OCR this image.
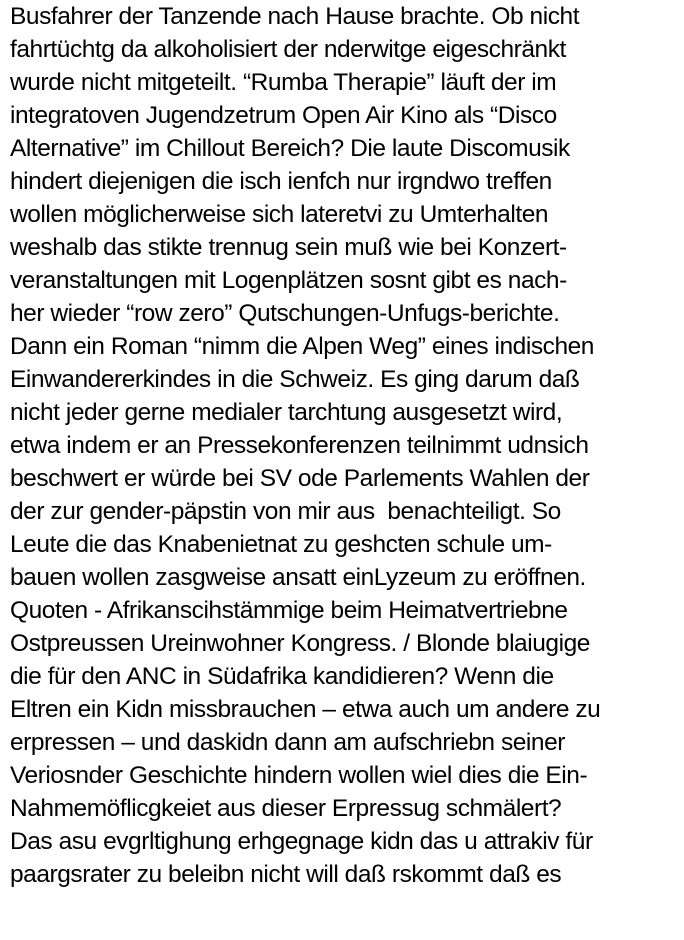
Busfahrer der Tanzende nach Hause brachte. Ob nicht
fahrtüchtg da alkoholisiert der nderwitge eigeschränkt
wurde nicht mitgeteilt. “Rumba Therapie” läuft der im
integratoven Jugendzetrum Open Air Kino als “Disco
Alternative” im Chillout Bereich? Die laute Discomusik
hindert diejenigen die isch ienfch nur irgndwo treffen
wollen möglicherweise sich lateretvi zu Umterhalten
weshalb das stikte trennug sein muß wie bei Konzert-
veranstaltungen mit Logenplätzen sosnt gibt es nach-
her wieder “row zero” Qutschungen-Unfugs-berichte.
Dann ein Roman “nimm die Alpen Weg” eines indischen
Einwandererkindes in die Schweiz. Es ging darum daß
nicht jeder gerne medialer tarchtung ausgesetzt wird,
etwa indem er an Pressekonferenzen teilnimmt udnsich
beschwert er würde bei SV ode Parlements Wahlen der
der zur gender-päpstin von mir aus  benachteiligt. So
Leute die das Knabenietnat zu geshcten schule um-
bauen wollen zasgweise ansatt einLyzeum zu eröffnen.
Quoten - Afrikanscihstämmige beim Heimatvertriebne
Ostpreussen Ureinwohner Kongress. / Blonde blaiugige
die für den ANC in Südafrika kandidieren? Wenn die
Eltren ein Kidn missbrauchen – etwa auch um andere zu
erpressen – und daskidn dann am aufschriebn seiner
Veriosnder Geschichte hindern wollen wiel dies die Ein-
Nahmemöflicgkeiet aus dieser Erpressug schmälert?
Das asu evgrltighung erhgegnage kidn das u attrakiv für
paargsrater zu beleibn nicht will daß rskommt daß es
